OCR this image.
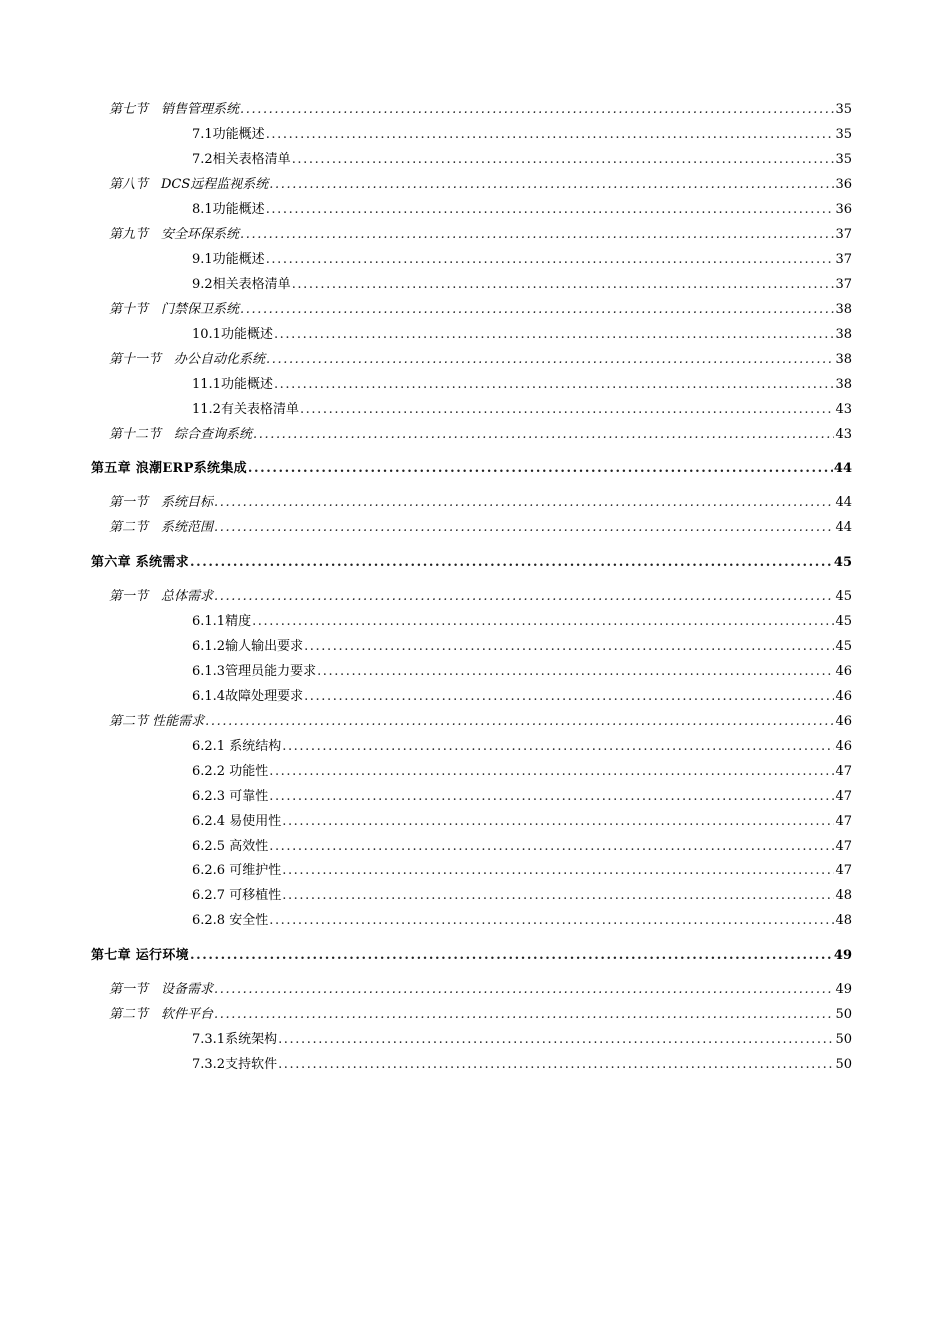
第七节　销售管理系统 .....	35
7.1功能概述 .....	35
7.2相关表格清单 .....	35
第八节　DCS远程监视系统 .....	36
8.1功能概述 .....	36
第九节　安全环保系统 .....	37
9.1功能概述 .....	37
9.2相关表格清单 .....	37
第十节　门禁保卫系统 .....	38
10.1功能概述 .....	38
第十一节　办公自动化系统 .....	38
11.1功能概述 .....	38
11.2有关表格清单 .....	43
第十二节　综合查询系统 .....	43
第五章 浪潮ERP系统集成 .....	44
第一节　系统目标 .....	44
第二节　系统范围 .....	44
第六章 系统需求 .....	45
第一节　总体需求 .....	45
6.1.1精度 .....	45
6.1.2输人输出要求 .....	45
6.1.3管理员能力要求 .....	46
6.1.4故障处理要求 .....	46
第二节 性能需求 .....	46
6.2.1 系统结构 .....	46
6.2.2 功能性 .....	47
6.2.3 可靠性 .....	47
6.2.4 易使用性 .....	47
6.2.5 高效性 .....	47
6.2.6 可维护性 .....	47
6.2.7 可移植性 .....	48
6.2.8 安全性 .....	48
第七章 运行环境 .....	49
第一节　设备需求 .....	49
第二节　软件平台 .....	50
7.3.1系统架构 .....	50
7.3.2支持软件 .....	50
